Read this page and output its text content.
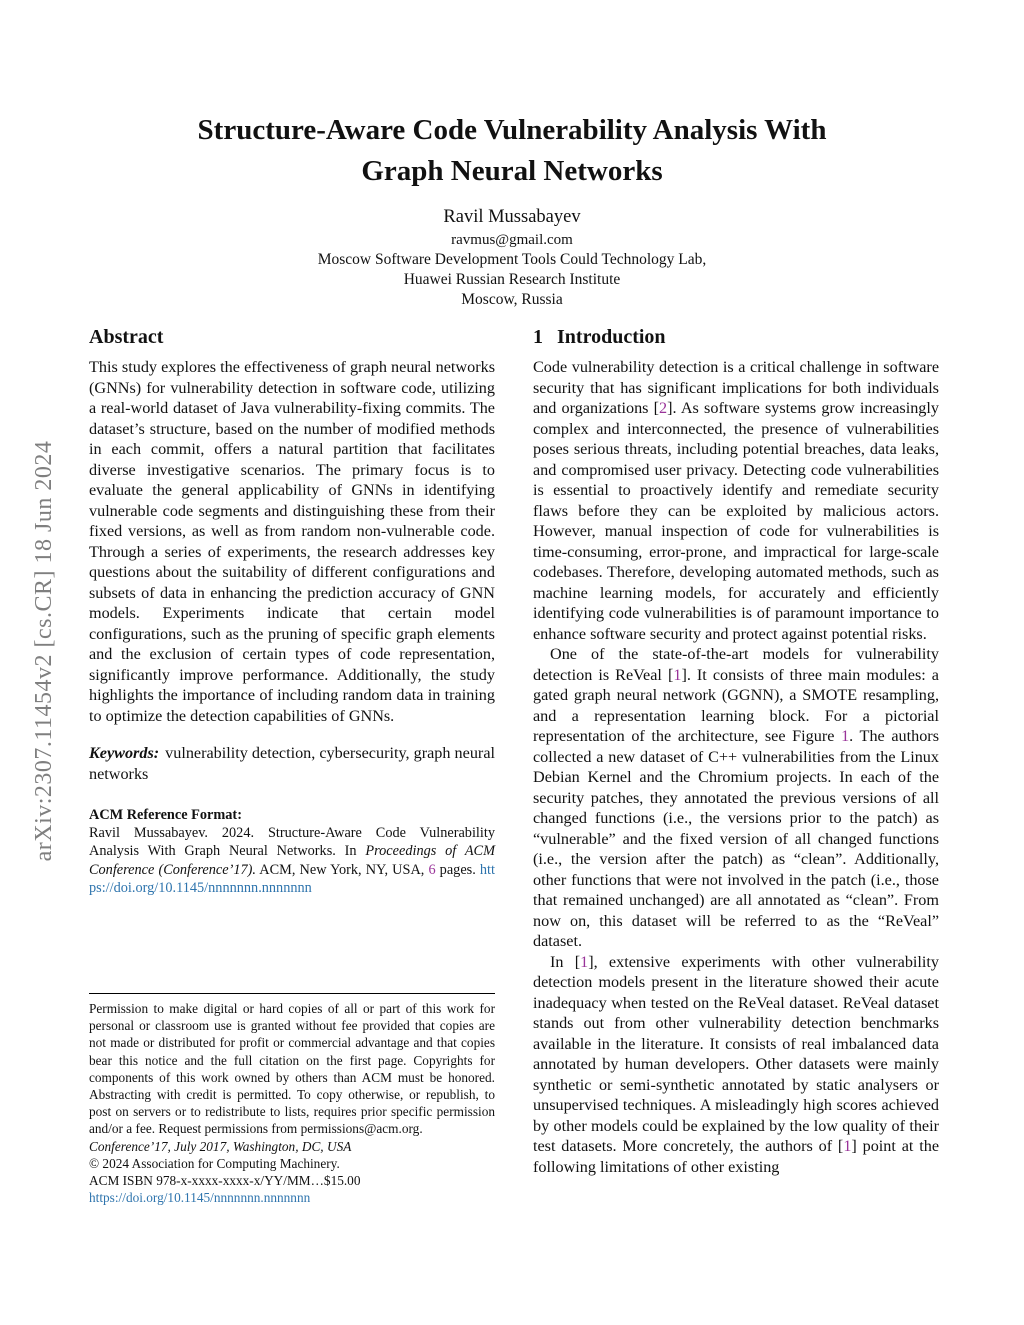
arXiv:2307.11454v2 [cs.CR] 18 Jun 2024
Structure-Aware Code Vulnerability Analysis With
Graph Neural Networks
Ravil Mussabayev
ravmus@gmail.com
Moscow Software Development Tools Could Technology Lab,
Huawei Russian Research Institute
Moscow, Russia
Abstract

This study explores the effectiveness of graph neural networks (GNNs) for vulnerability detection in software code, utilizing a real-world dataset of Java vulnerability-fixing commits. The dataset’s structure, based on the number of modified methods in each commit, offers a natural partition that facilitates diverse investigative scenarios. The primary focus is to evaluate the general applicability of GNNs in identifying vulnerable code segments and distinguishing these from their fixed versions, as well as from random non-vulnerable code. Through a series of experiments, the research addresses key questions about the suitability of different configurations and subsets of data in enhancing the prediction accuracy of GNN models. Experiments indicate that certain model configurations, such as the pruning of specific graph elements and the exclusion of certain types of code representation, significantly improve performance. Additionally, the study highlights the importance of including random data in training to optimize the detection capabilities of GNNs.

Keywords: vulnerability detection, cybersecurity, graph neural networks
ACM Reference Format:
Ravil Mussabayev. 2024. Structure-Aware Code Vulnerability Analysis With Graph Neural Networks. In Proceedings of ACM Conference (Conference’17). ACM, New York, NY, USA, 6 pages. https://doi.org/10.1145/nnnnnnn.nnnnnnn
Permission to make digital or hard copies of all or part of this work for personal or classroom use is granted without fee provided that copies are not made or distributed for profit or commercial advantage and that copies bear this notice and the full citation on the first page. Copyrights for components of this work owned by others than ACM must be honored. Abstracting with credit is permitted. To copy otherwise, or republish, to post on servers or to redistribute to lists, requires prior specific permission and/or a fee. Request permissions from permissions@acm.org.
Conference’17, July 2017, Washington, DC, USA
© 2024 Association for Computing Machinery.
ACM ISBN 978-x-xxxx-xxxx-x/YY/MM…$15.00
https://doi.org/10.1145/nnnnnnn.nnnnnnn
1 Introduction

Code vulnerability detection is a critical challenge in software security that has significant implications for both individuals and organizations [2]. As software systems grow increasingly complex and interconnected, the presence of vulnerabilities poses serious threats, including potential breaches, data leaks, and compromised user privacy. Detecting code vulnerabilities is essential to proactively identify and remediate security flaws before they can be exploited by malicious actors. However, manual inspection of code for vulnerabilities is time-consuming, error-prone, and impractical for large-scale codebases. Therefore, developing automated methods, such as machine learning models, for accurately and efficiently identifying code vulnerabilities is of paramount importance to enhance software security and protect against potential risks.

One of the state-of-the-art models for vulnerability detection is ReVeal [1]. It consists of three main modules: a gated graph neural network (GGNN), a SMOTE resampling, and a representation learning block. For a pictorial representation of the architecture, see Figure 1. The authors collected a new dataset of C++ vulnerabilities from the Linux Debian Kernel and the Chromium projects. In each of the security patches, they annotated the previous versions of all changed functions (i.e., the versions prior to the patch) as “vulnerable” and the fixed version of all changed functions (i.e., the version after the patch) as “clean”. Additionally, other functions that were not involved in the patch (i.e., those that remained unchanged) are all annotated as “clean”. From now on, this dataset will be referred to as the “ReVeal” dataset.

In [1], extensive experiments with other vulnerability detection models present in the literature showed their acute inadequacy when tested on the ReVeal dataset. ReVeal dataset stands out from other vulnerability detection benchmarks available in the literature. It consists of real imbalanced data annotated by human developers. Other datasets were mainly synthetic or semi-synthetic annotated by static analysers or unsupervised techniques. A misleadingly high scores achieved by other models could be explained by the low quality of their test datasets. More concretely, the authors of [1] point at the following limitations of other existing
